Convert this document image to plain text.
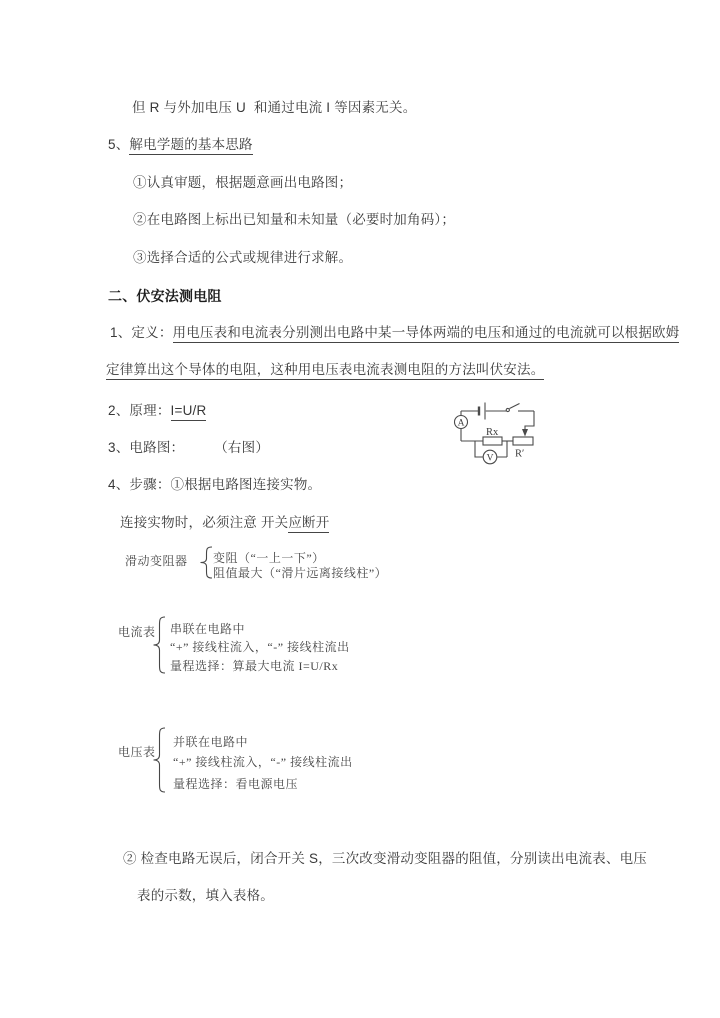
但 R 与外加电压 U  和通过电流 I 等因素无关。
5、解电学题的基本思路
①认真审题，根据题意画出电路图；
②在电路图上标出已知量和未知量（必要时加角码）；
③选择合适的公式或规律进行求解。
二、伏安法测电阻
1、定义：用电压表和电流表分别测出电路中某一导体两端的电压和通过的电流就可以根据欧姆
定律算出这个导体的电阻，这种用电压表电流表测电阻的方法叫伏安法。
2、原理：I=U/R
3、电路图： （右图）
A
V
Rx
R′
4、步骤：①根据电路图连接实物。
连接实物时，必须注意 开关应断开
滑动变阻器 变阻（“一上一下”）
阻值最大（“滑片远离接线柱”）
电流表 串联在电路中
“+” 接线柱流入，“-” 接线柱流出
量程选择：算最大电流 I=U/Rx
电压表
并联在电路中
“+” 接线柱流入，“-” 接线柱流出
量程选择：看电源电压
② 检查电路无误后，闭合开关 S，三次改变滑动变阻器的阻值，分别读出电流表、电压
表的示数，填入表格。
